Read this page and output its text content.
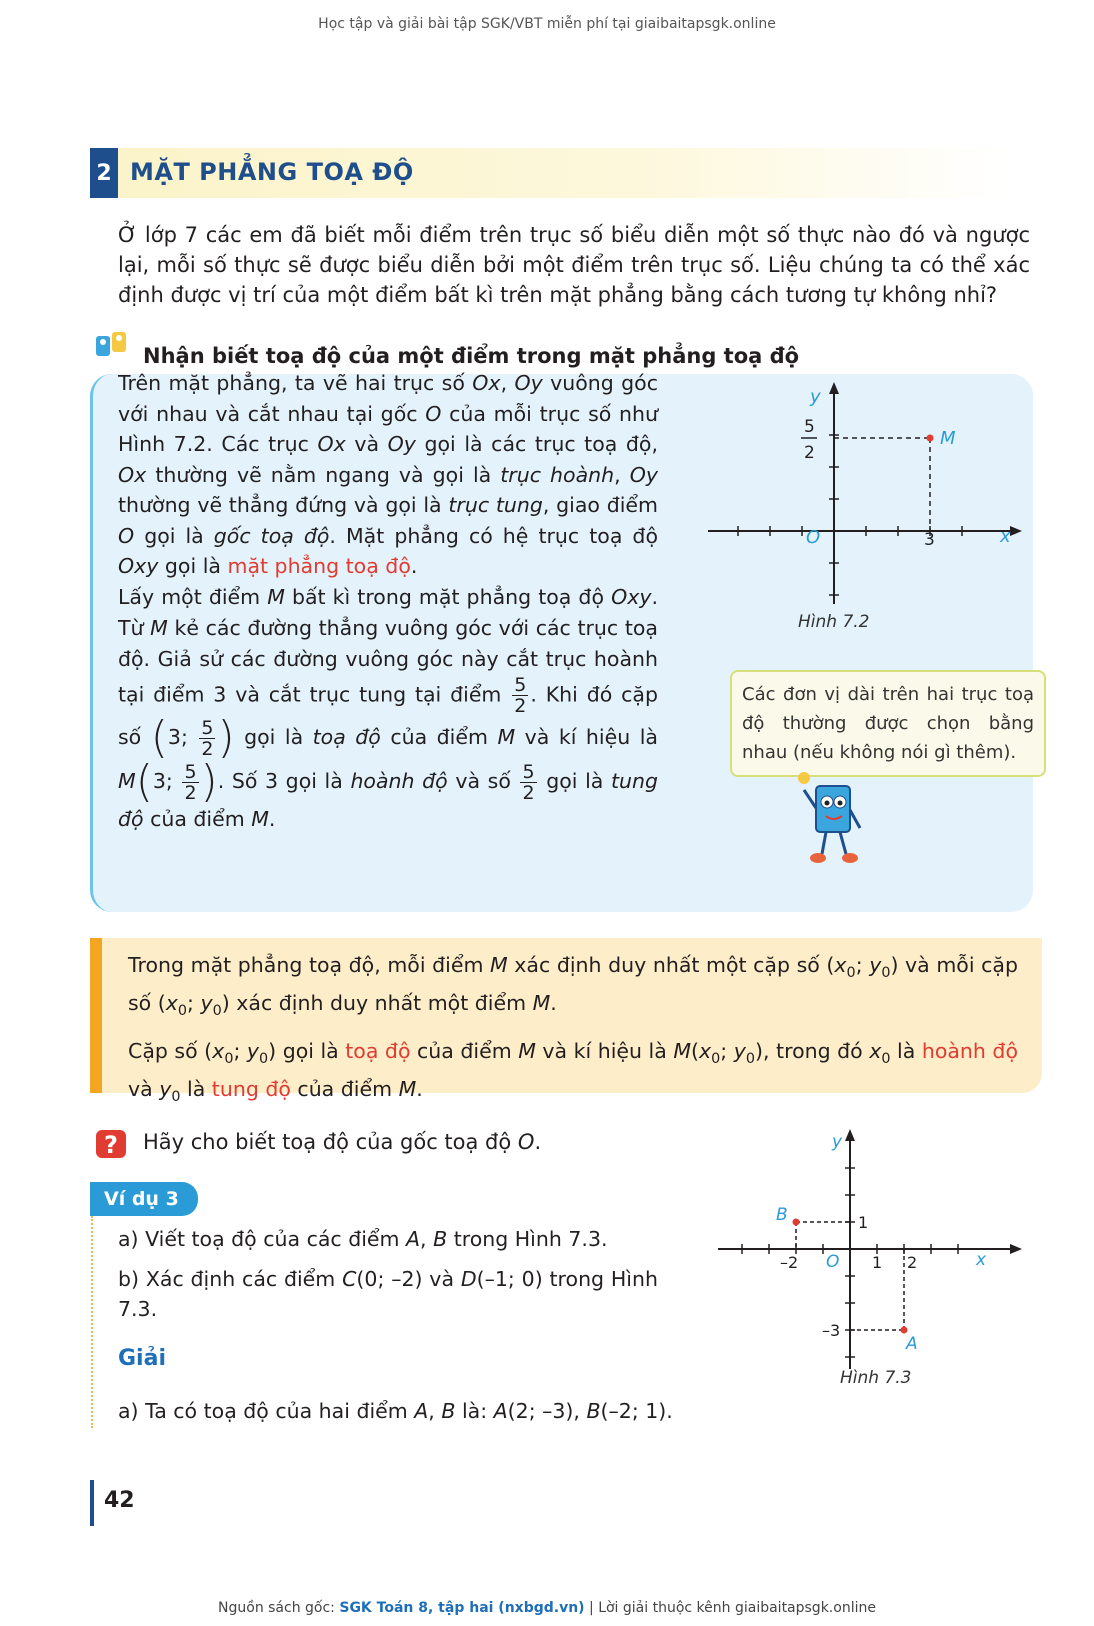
Học tập và giải bài tập SGK/VBT miễn phí tại giaibaitapsgk.online
2 MẶT PHẲNG TOẠ ĐỘ
Ở lớp 7 các em đã biết mỗi điểm trên trục số biểu diễn một số thực nào đó và ngược lại, mỗi số thực sẽ được biểu diễn bởi một điểm trên trục số. Liệu chúng ta có thể xác định được vị trí của một điểm bất kì trên mặt phẳng bằng cách tương tự không nhỉ?
Nhận biết toạ độ của một điểm trong mặt phẳng toạ độ
Trên mặt phẳng, ta vẽ hai trục số Ox, Oy vuông góc với nhau và cắt nhau tại gốc O của mỗi trục số như Hình 7.2. Các trục Ox và Oy gọi là các trục toạ độ, Ox thường vẽ nằm ngang và gọi là trục hoành, Oy thường vẽ thẳng đứng và gọi là trục tung, giao điểm O gọi là gốc toạ độ. Mặt phẳng có hệ trục toạ độ Oxy gọi là mặt phẳng toạ độ.
Lấy một điểm M bất kì trong mặt phẳng toạ độ Oxy. Từ M kẻ các đường thẳng vuông góc với các trục toạ độ. Giả sử các đường vuông góc này cắt trục hoành tại điểm 3 và cắt trục tung tại điểm $\frac{5}{2}$ . Khi đó cặp số (3; $\frac{5}{2}$ ) gọi là toạ độ của điểm M và kí hiệu là M(3; $\frac{5}{2}$ ). Số 3 gọi là hoành độ và số $\frac{5}{2}$ gọi là tung độ của điểm M.
M
x
y
O	3
5
2
Hình 7.2
Các đơn vị dài trên hai trục toạ độ thường được chọn bằng nhau (nếu không nói gì thêm).
Trong mặt phẳng toạ độ, mỗi điểm M xác định duy nhất một cặp số ($x_0$; $y_0$) và mỗi cặp số ($x_0$; $y_0$) xác định duy nhất một điểm M.
Cặp số ($x_0$; $y_0$) gọi là toạ độ của điểm M và kí hiệu là $M(x_0$; $y_0$), trong đó $x_0$ là hoành độ và $y_0$ là tung độ của điểm M.
? Hãy cho biết toạ độ của gốc toạ độ O.
Ví dụ 3
a) Viết toạ độ của các điểm A, B trong Hình 7.3.
b) Xác định các điểm C(0; –2) và D(–1; 0) trong Hình 7.3.
Giải
a) Ta có toạ độ của hai điểm A, B là: A(2; –3), B(–2; 1).
B
A
x
y
O
–2	1 2
1
–3
Hình 7.3
42
Nguồn sách gốc: SGK Toán 8, tập hai (nxbgd.vn) | Lời giải thuộc kênh giaibaitapsgk.online
